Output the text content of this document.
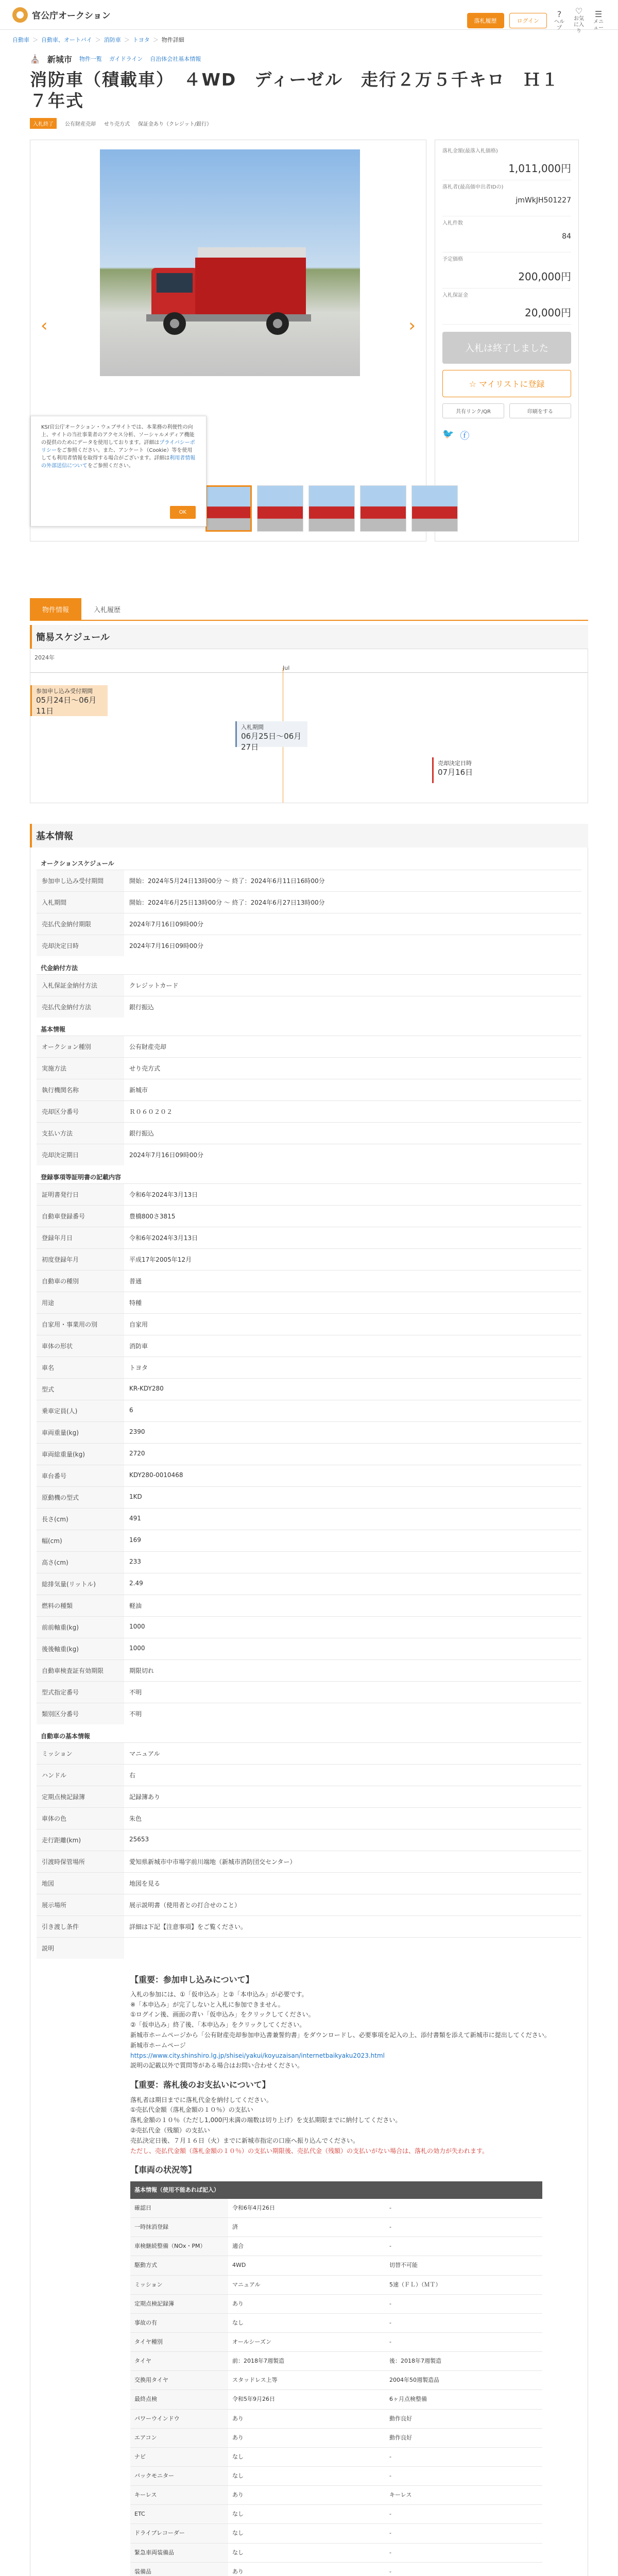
官公庁オークション	落札履歴	ログイン
?
ヘルプ
♡
お気に入り
☰
メニュー
自動車 ＞ 自動車、オートバイ ＞ 消防車 ＞ トヨタ ＞ 物件詳細
⛪ 新城市 物件一覧 ガイドライン 自治体会社基本情報
消防車（積載車）　４WD　ディーゼル　走行２万５千キロ　Ｈ１７年式
入札終了	公有財産売却 せり売方式 保証金あり（クレジット/銀行）
‹	›
KSI官公庁オークション・ウェブサイトでは、本業務の利便性の向上、サイトの当社事業者のアクセス分析、ソーシャルメディア機能の提供のためにデータを使用しております。詳細はプライバシーポリシーをご参照ください。また、アンケート（Cookie）等を使用しても利用者情報を取得する場合がございます。詳細は利用者情報の外部送信についてをご参照ください。
OK
落札金額(最落入札価格)
1,011,000円
落札者(最高価申出者IDの)
jmWkJH501227
入札件数
84
予定価格
200,000円
入札保証金
20,000円
入札は終了しました
☆ マイリストに登録
共有リンク/QR	印刷をする
🐦 ⓕ
物件情報	入札履歴
簡易スケジュール
2024年
Jul
参加申し込み受付期間
05月24日～06月11日
入札期間
06月25日～06月27日
売却決定日時
07月16日
基本情報
オークションスケジュール
参加申し込み受付期間	開始：2024年5月24日13時00分 ～ 終了：2024年6月11日16時00分
入札期間	開始：2024年6月25日13時00分 ～ 終了：2024年6月27日13時00分
売払代金納付期限	2024年7月16日09時00分
売却決定日時	2024年7月16日09時00分
代金納付方法
入札保証金納付方法	クレジットカード
売払代金納付方法	銀行振込
基本情報
オークション種別	公有財産売却
実施方法	せり売方式
執行機関名称	新城市
売却区分番号	Ｒ０６０２０２
支払い方法	銀行振込
売却決定期日	2024年7月16日09時00分
登録事項等証明書の記載内容
証明書発行日	令和6年2024年3月13日
自動車登録番号	豊橋800さ3815
登録年月日	令和6年2024年3月13日
初度登録年月	平成17年2005年12月
自動車の種別	普通
用途	特種
自家用・事業用の別	自家用
車体の形状	消防車
車名	トヨタ
型式	KR-KDY280
乗車定員(人)	6
車両重量(kg)	2390
車両総重量(kg)	2720
車台番号	KDY280-0010468
原動機の型式	1KD
長さ(cm)	491
幅(cm)	169
高さ(cm)	233
総排気量(リットル)	2.49
燃料の種類	軽油
前前軸重(kg)	1000
後後軸重(kg)	1000
自動車検査証有効期限	期限切れ
型式指定番号	不明
類別区分番号	不明
自動車の基本情報
ミッション	マニュアル
ハンドル	右
定期点検記録簿	記録簿あり
車体の色	朱色
走行距離(km)	25653
引渡時保管場所	愛知県新城市中市場字前川端地（新城市消防団交センター）
地図	地図を見る
展示場所	展示説明書（使用者との打合せのこと）
引き渡し条件	詳細は下記【注意事項】をご覧ください。
説明
【重要：参加申し込みについて】

入札の参加には、①「仮申込み」と②「本申込み」が必要です。

※「本申込み」が完了しないと入札に参加できません。

①ログイン後、画面の青い「仮申込み」をクリックしてください。

②「仮申込み」終了後、「本申込み」をクリックしてください。

新城市ホームページから「公有財産売却参加申込書兼誓約書」をダウンロードし、必要事項を記入の上、添付書類を添えて新城市に提出してください。

新城市ホームページ

https://www.city.shinshiro.lg.jp/shisei/yakui/koyuzaisan/internetbaikyaku2023.html

説明の記載以外で質問等がある場合はお問い合わせください。

【重要：落札後のお支払いについて】

落札者は期日までに落札代金を納付してください。

①売払代金額（落札金額の１０％）の支払い

落札金額の１０％（ただし1,000円未満の端数は切り上げ）を支払期限までに納付してください。

②売払代金（残額）の支払い

売払決定日後、７月１６日（火）までに新城市指定の口座へ振り込んでください。

ただし、売払代金額（落札金額の１０％）の支払い期限後、売払代金（残額）の支払いがない場合は、落札の効力が失われます。

【車両の状況等】
基本情報（使用不能あれば記入）		
確認日	令和6年4月26日	-
一時抹消登録	済	-
車検継続整備（NOx・PM）	適合	-
駆動方式	4WD	切替不可能
ミッション	マニュアル	5速（ＦＬ）（ＭＴ）
定期点検記録簿	あり	-
事故の有	なし	-
タイヤ種別	オールシーズン	-
タイヤ	前：2018年7週製造	後：2018年7週製造
交換用タイヤ	スタッドレス上等	2004年50週製造品
最終点検	令和5年9月26日	6ヶ月点検整備
パワーウインドウ	あり	動作良好
エアコン	あり	動作良好
ナビ	なし	-
バックモニター	なし	-
キーレス	あり	キーレス
ETC	なし	-
ドライブレコーダー	なし	-
緊急車両装備品	なし	-
装備品	あり	-
